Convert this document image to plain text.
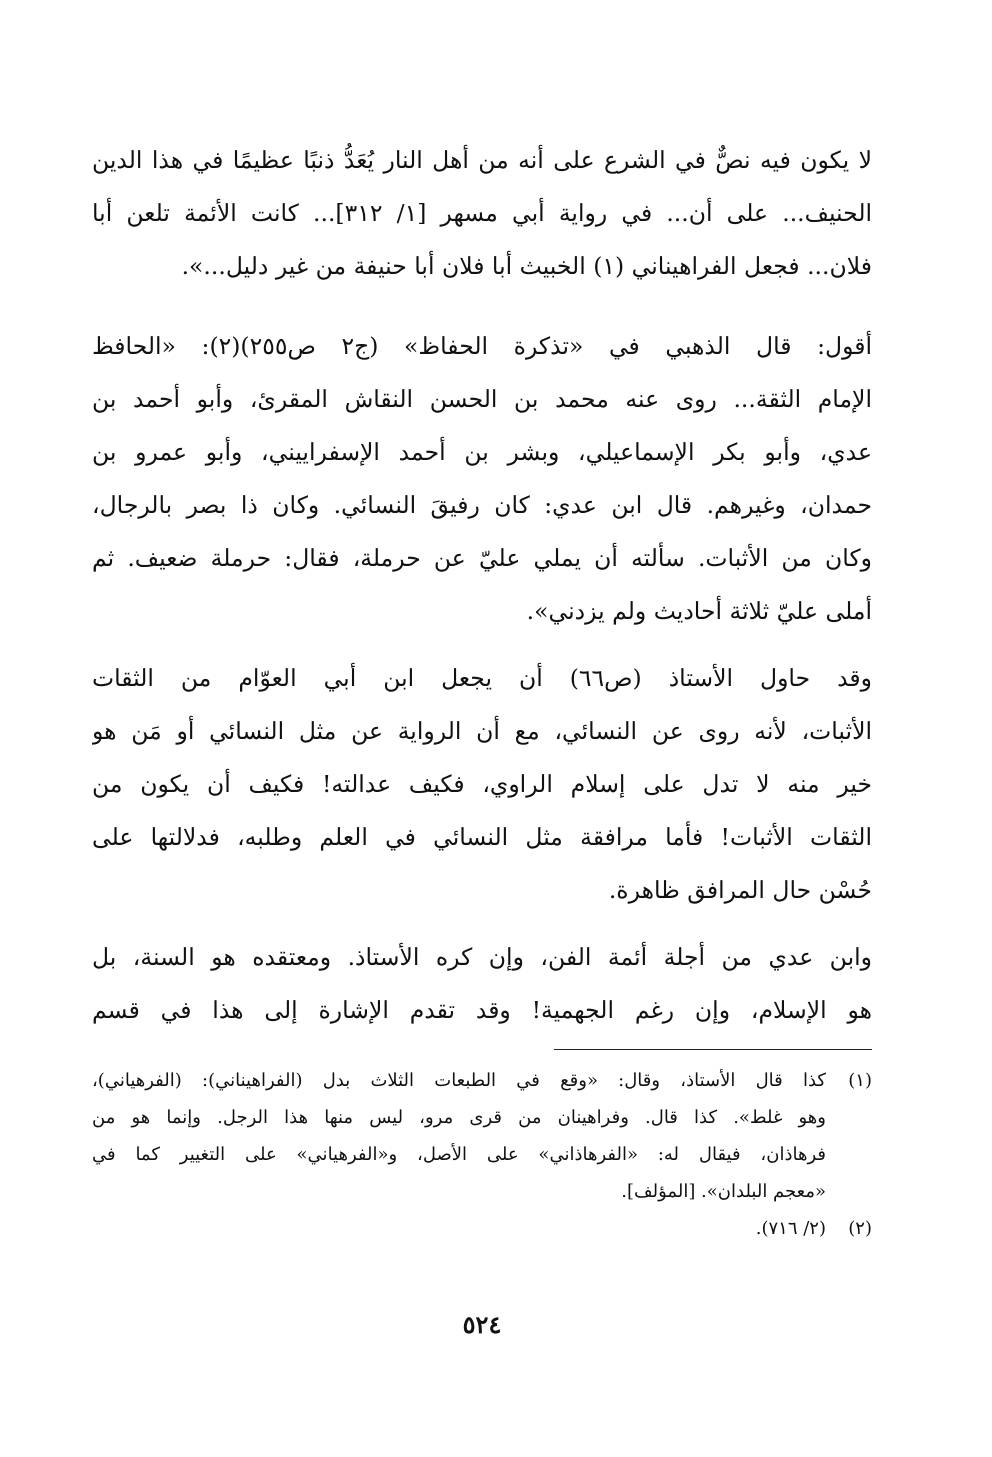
لا يكون فيه نصٌّ في الشرع على أنه من أهل النار يُعَدُّ ذنبًا عظيمًا في هذا الدين
الحنيف... على أن... في رواية أبي مسهر [١/ ٣١٢]... كانت الأئمة تلعن أبا
فلان... فجعل الفراهيناني (١) الخبيث أبا فلان أبا حنيفة من غير دليل...».
أقول: قال الذهبي في «تذكرة الحفاظ» (ج٢ ص٢٥٥)(٢): «الحافظ
الإمام الثقة... روى عنه محمد بن الحسن النقاش المقرئ، وأبو أحمد بن
عدي، وأبو بكر الإسماعيلي، وبشر بن أحمد الإسفراييني، وأبو عمرو بن
حمدان، وغيرهم. قال ابن عدي: كان رفيقَ النسائي. وكان ذا بصر بالرجال،
وكان من الأثبات. سألته أن يملي عليّ عن حرملة، فقال: حرملة ضعيف. ثم
أملى عليّ ثلاثة أحاديث ولم يزدني».
وقد حاول الأستاذ (ص٦٦) أن يجعل ابن أبي العوّام من الثقات
الأثبات، لأنه روى عن النسائي، مع أن الرواية عن مثل النسائي أو مَن هو
خير منه لا تدل على إسلام الراوي، فكيف عدالته! فكيف أن يكون من
الثقات الأثبات! فأما مرافقة مثل النسائي في العلم وطلبه، فدلالتها على
حُسْن حال المرافق ظاهرة.
وابن عدي من أجلة أئمة الفن، وإن كره الأستاذ. ومعتقده هو السنة، بل
هو الإسلام، وإن رغم الجهمية! وقد تقدم الإشارة إلى هذا في قسم
(١)كذا قال الأستاذ، وقال: «وقع في الطبعات الثلاث بدل (الفراهيناني): (الفرهياني)،
وهو غلط». كذا قال. وفراهينان من قرى مرو، ليس منها هذا الرجل. وإنما هو من
فرهاذان، فيقال له: «الفرهاذاني» على الأصل، و«الفرهياني» على التغيير كما في
«معجم البلدان». [المؤلف].
(٢)(٢/ ٧١٦).
٥٢٤
